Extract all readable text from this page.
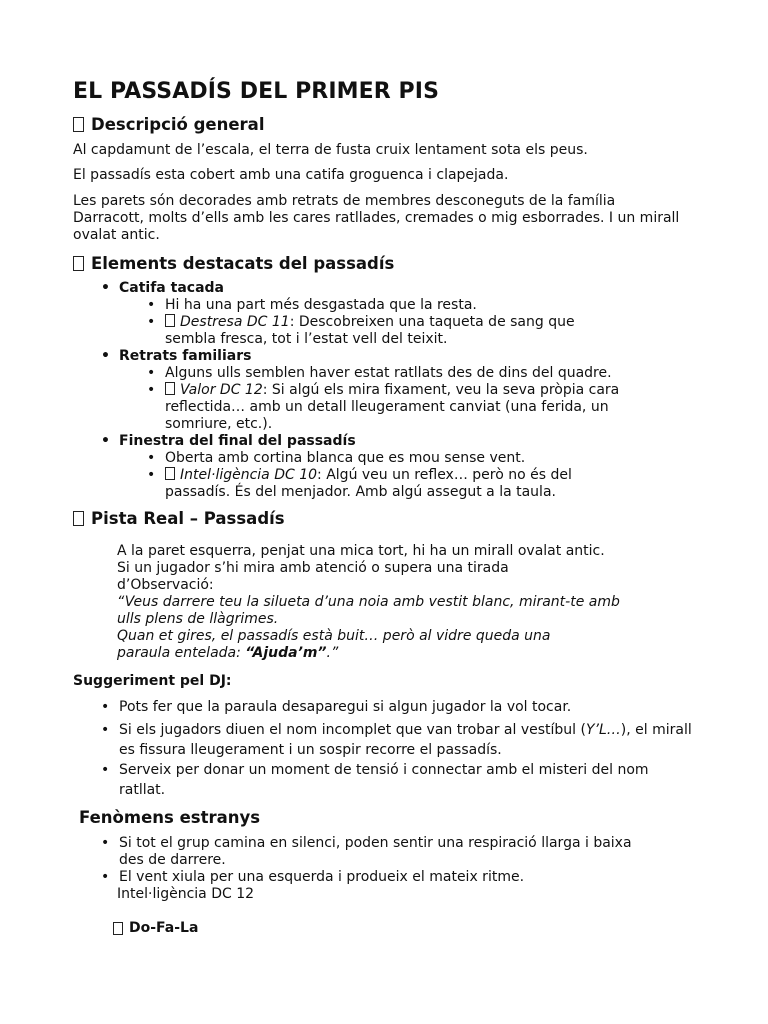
EL PASSADÍS DEL PRIMER PIS
Descripció general

Al capdamunt de l’escala, el terra de fusta cruix lentament sota els peus.

El passadís esta cobert amb una catifa groguenca i clapejada.

Les parets són decorades amb retrats de membres desconeguts de la família Darracott, molts d’ells amb les cares ratllades, cremades o mig esborrades. I un mirall ovalat antic.

Elements destacats del passadís
• Catifa tacada
• Hi ha una part més desgastada que la resta.
• Destresa DC 11: Descobreixen una taqueta de sang que sembla fresca, tot i l’estat vell del teixit.
• Retrats familiars
• Alguns ulls semblen haver estat ratllats des de dins del quadre.
• Valor DC 12: Si algú els mira fixament, veu la seva pròpia cara reflectida… amb un detall lleugerament canviat (una ferida, un somriure, etc.).
• Finestra del final del passadís
• Oberta amb cortina blanca que es mou sense vent.
• Intel·ligència DC 10: Algú veu un reflex… però no és del passadís. És del menjador. Amb algú assegut a la taula.
Pista Real – Passadís
A la paret esquerra, penjat una mica tort, hi ha un mirall ovalat antic.
Si un jugador s’hi mira amb atenció o supera una tirada d’Observació:
“Veus darrere teu la silueta d’una noia amb vestit blanc, mirant-te amb ulls plens de llàgrimes.
Quan et gires, el passadís està buit… però al vidre queda una paraula entelada: “Ajuda’m”.”
Suggeriment pel DJ:
• Pots fer que la paraula desaparegui si algun jugador la vol tocar.
• Si els jugadors diuen el nom incomplet que van trobar al vestíbul (Y’L…), el mirall es fissura lleugerament i un sospir recorre el passadís.
• Serveix per donar un moment de tensió i connectar amb el misteri del nom ratllat.
Fenòmens estranys
• Si tot el grup camina en silenci, poden sentir una respiració llarga i baixa des de darrere.
• El vent xiula per una esquerda i produeix el mateix ritme.
Intel·ligència DC 12
Do-Fa-La
